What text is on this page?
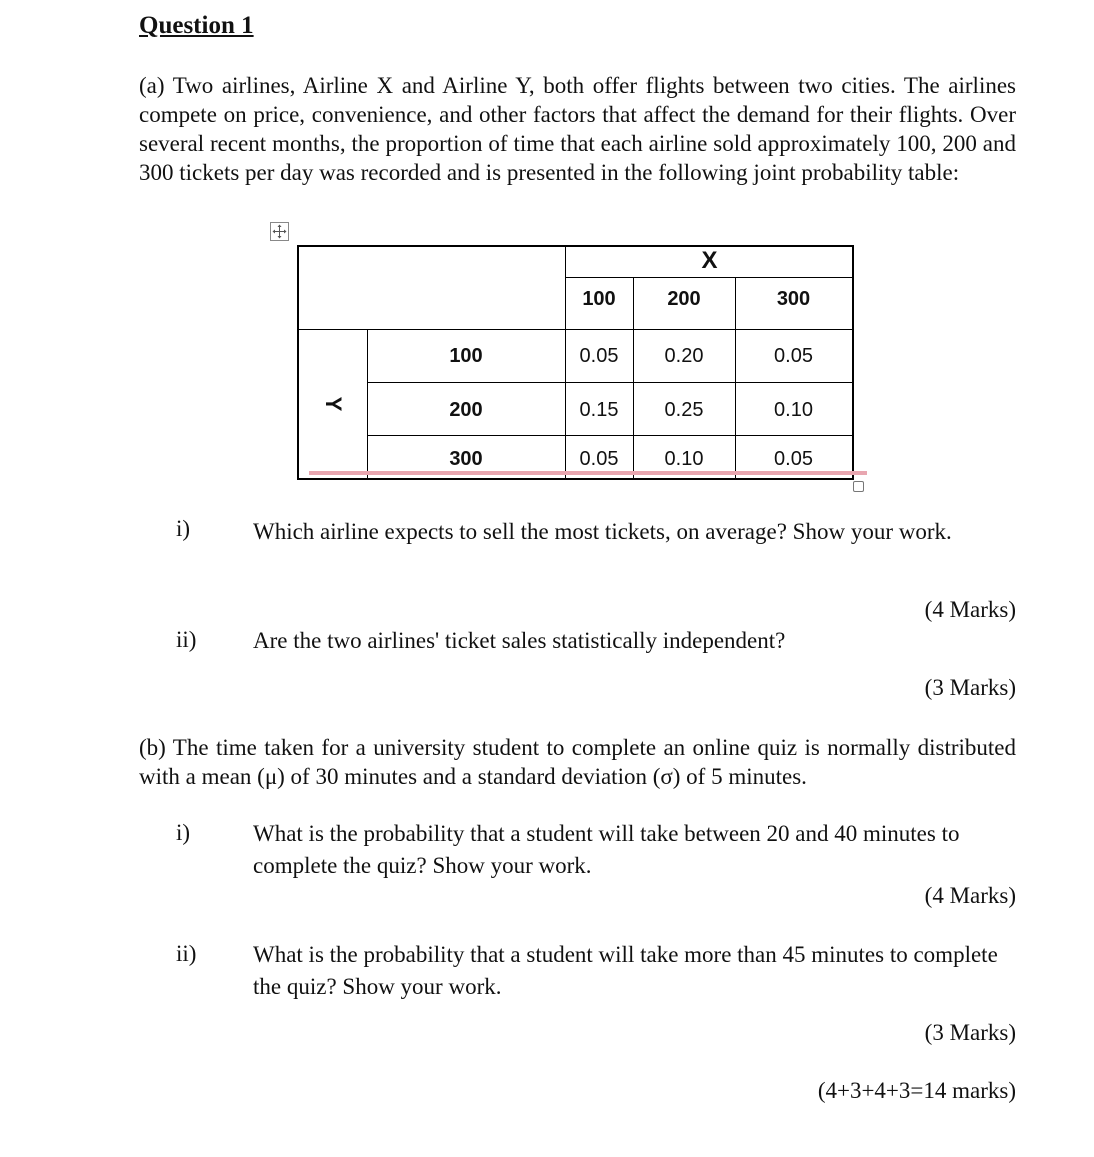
Question 1
(a) Two airlines, Airline X and Airline Y, both offer flights between two cities. The airlines compete on price, convenience, and other factors that affect the demand for their flights. Over several recent months, the proportion of time that each airline sold approximately 100, 200 and 300 tickets per day was recorded and is presented in the following joint probability table:
X
100	200	300
Y
100	0.05	0.20	0.05
200	0.15	0.25	0.10
300	0.05	0.10	0.05
i)	Which airline expects to sell the most tickets, on average? Show your work.
(4 Marks)
ii) Are the two airlines' ticket sales statistically independent?
(3 Marks)
(b) The time taken for a university student to complete an online quiz is normally distributed with a mean (μ) of 30 minutes and a standard deviation (σ) of 5 minutes.
i)	What is the probability that a student will take between 20 and 40 minutes to complete the quiz? Show your work.
(4 Marks)
ii) What is the probability that a student will take more than 45 minutes to complete the quiz? Show your work.
(3 Marks)
(4+3+4+3=14 marks)
